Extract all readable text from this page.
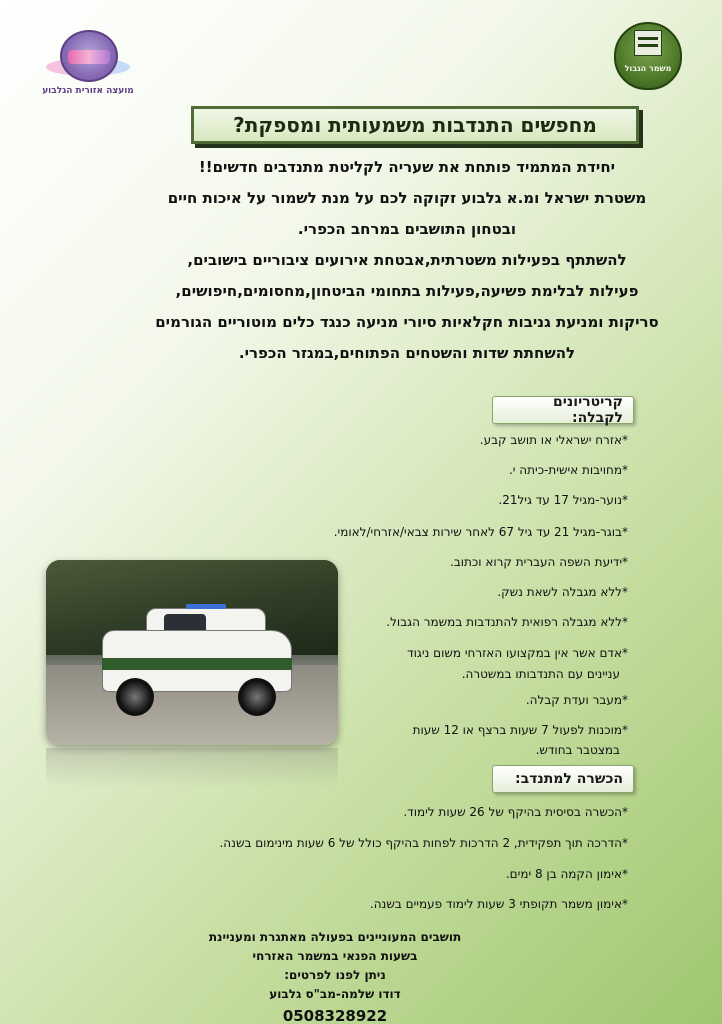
מועצה אזורית הגלבוע
משמר הגבול
מחפשים התנדבות משמעותית ומספקת?

יחידת המתמיד פותחת את שעריה לקליטת מתנדבים חדשים!!

משטרת ישראל ומ.א גלבוע זקוקה לכם על מנת לשמור על איכות חיים

ובטחון התושבים במרחב הכפרי.

להשתתף בפעילות משטרתית,אבטחת אירועים ציבוריים בישובים,

פעילות לבלימת פשיעה,פעילות בתחומי הביטחון,מחסומים,חיפושים,

סריקות ומניעת גניבות חקלאיות סיורי מניעה כנגד כלים מוטוריים הגורמים

להשחתת שדות והשטחים הפתוחים,במגזר הכפרי.

קריטריונים לקבלה:
*אזרח ישראלי או תושב קבע.
*מחויבות אישית-כיתה י.
*נוער-מגיל 17 עד גיל21.
*בוגר-מגיל 21 עד גיל 67 לאחר שירות צבאי/אזרחי/לאומי.
*ידיעת השפה העברית קרוא וכתוב.
*ללא מגבלה לשאת נשק.
*ללא מגבלה רפואית להתנדבות במשמר הגבול.
*אדם אשר אין במקצועו האזרחי משום ניגוד
עניינים עם התנדבותו במשטרה.
*מעבר ועדת קבלה.
*מוכנות לפעול 7 שעות ברצף או 12 שעות
במצטבר בחודש.
הכשרה למתנדב:
*הכשרה בסיסית בהיקף של 26 שעות לימוד.
*הדרכה תוך תפקידית, 2 הדרכות לפחות בהיקף כולל של 6 שעות מינימום בשנה.
*אימון הקמה בן 8 ימים.
*אימון משמר תקופתי 3 שעות לימוד פעמיים בשנה.
תושבים המעוניינים בפעולה מאתגרת ומעניינת
בשעות הפנאי במשמר האזרחי
ניתן לפנו לפרטים:
דודו שלמה-מב"ס גלבוע
0508328922
